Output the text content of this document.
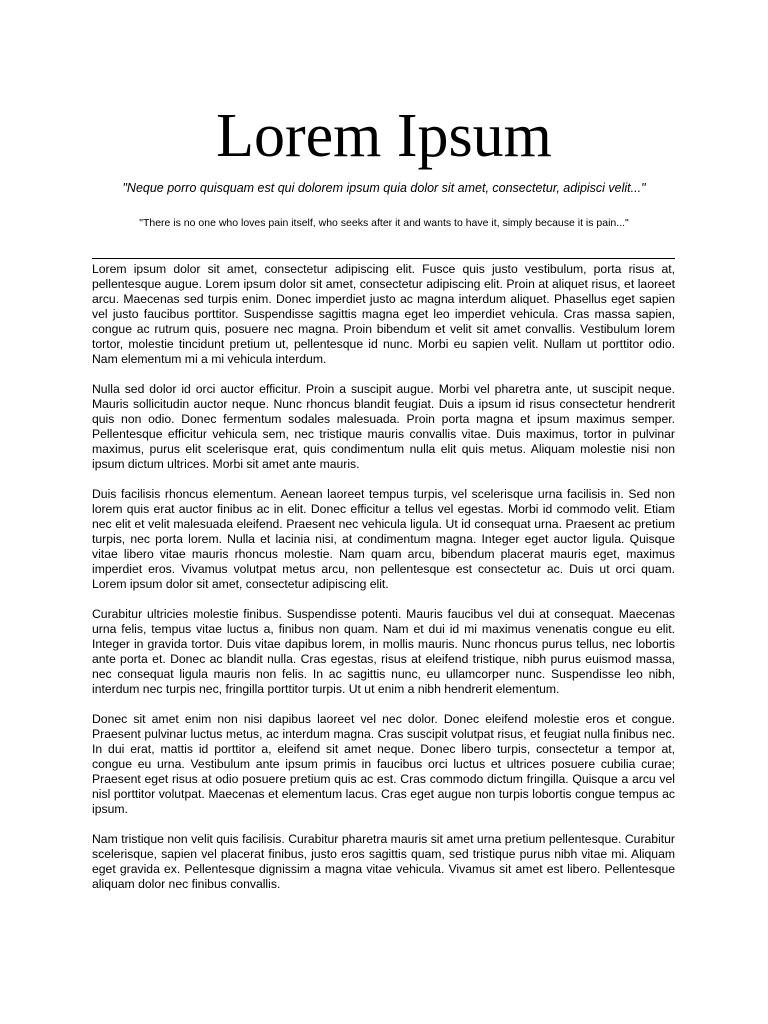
Lorem Ipsum

"Neque porro quisquam est qui dolorem ipsum quia dolor sit amet, consectetur, adipisci velit..."

"There is no one who loves pain itself, who seeks after it and wants to have it, simply because it is pain..."

Lorem ipsum dolor sit amet, consectetur adipiscing elit. Fusce quis justo vestibulum, porta risus at, pellentesque augue. Lorem ipsum dolor sit amet, consectetur adipiscing elit. Proin at aliquet risus, et laoreet arcu. Maecenas sed turpis enim. Donec imperdiet justo ac magna interdum aliquet. Phasellus eget sapien vel justo faucibus porttitor. Suspendisse sagittis magna eget leo imperdiet vehicula. Cras massa sapien, congue ac rutrum quis, posuere nec magna. Proin bibendum et velit sit amet convallis. Vestibulum lorem tortor, molestie tincidunt pretium ut, pellentesque id nunc. Morbi eu sapien velit. Nullam ut porttitor odio. Nam elementum mi a mi vehicula interdum.

Nulla sed dolor id orci auctor efficitur. Proin a suscipit augue. Morbi vel pharetra ante, ut suscipit neque. Mauris sollicitudin auctor neque. Nunc rhoncus blandit feugiat. Duis a ipsum id risus consectetur hendrerit quis non odio. Donec fermentum sodales malesuada. Proin porta magna et ipsum maximus semper. Pellentesque efficitur vehicula sem, nec tristique mauris convallis vitae. Duis maximus, tortor in pulvinar maximus, purus elit scelerisque erat, quis condimentum nulla elit quis metus. Aliquam molestie nisi non ipsum dictum ultrices. Morbi sit amet ante mauris.

Duis facilisis rhoncus elementum. Aenean laoreet tempus turpis, vel scelerisque urna facilisis in. Sed non lorem quis erat auctor finibus ac in elit. Donec efficitur a tellus vel egestas. Morbi id commodo velit. Etiam nec elit et velit malesuada eleifend. Praesent nec vehicula ligula. Ut id consequat urna. Praesent ac pretium turpis, nec porta lorem. Nulla et lacinia nisi, at condimentum magna. Integer eget auctor ligula. Quisque vitae libero vitae mauris rhoncus molestie. Nam quam arcu, bibendum placerat mauris eget, maximus imperdiet eros. Vivamus volutpat metus arcu, non pellentesque est consectetur ac. Duis ut orci quam. Lorem ipsum dolor sit amet, consectetur adipiscing elit.

Curabitur ultricies molestie finibus. Suspendisse potenti. Mauris faucibus vel dui at consequat. Maecenas urna felis, tempus vitae luctus a, finibus non quam. Nam et dui id mi maximus venenatis congue eu elit. Integer in gravida tortor. Duis vitae dapibus lorem, in mollis mauris. Nunc rhoncus purus tellus, nec lobortis ante porta et. Donec ac blandit nulla. Cras egestas, risus at eleifend tristique, nibh purus euismod massa, nec consequat ligula mauris non felis. In ac sagittis nunc, eu ullamcorper nunc. Suspendisse leo nibh, interdum nec turpis nec, fringilla porttitor turpis. Ut ut enim a nibh hendrerit elementum.

Donec sit amet enim non nisi dapibus laoreet vel nec dolor. Donec eleifend molestie eros et congue. Praesent pulvinar luctus metus, ac interdum magna. Cras suscipit volutpat risus, et feugiat nulla finibus nec. In dui erat, mattis id porttitor a, eleifend sit amet neque. Donec libero turpis, consectetur a tempor at, congue eu urna. Vestibulum ante ipsum primis in faucibus orci luctus et ultrices posuere cubilia curae; Praesent eget risus at odio posuere pretium quis ac est. Cras commodo dictum fringilla. Quisque a arcu vel nisl porttitor volutpat. Maecenas et elementum lacus. Cras eget augue non turpis lobortis congue tempus ac ipsum.

Nam tristique non velit quis facilisis. Curabitur pharetra mauris sit amet urna pretium pellentesque. Curabitur scelerisque, sapien vel placerat finibus, justo eros sagittis quam, sed tristique purus nibh vitae mi. Aliquam eget gravida ex. Pellentesque dignissim a magna vitae vehicula. Vivamus sit amet est libero. Pellentesque aliquam dolor nec finibus convallis.
